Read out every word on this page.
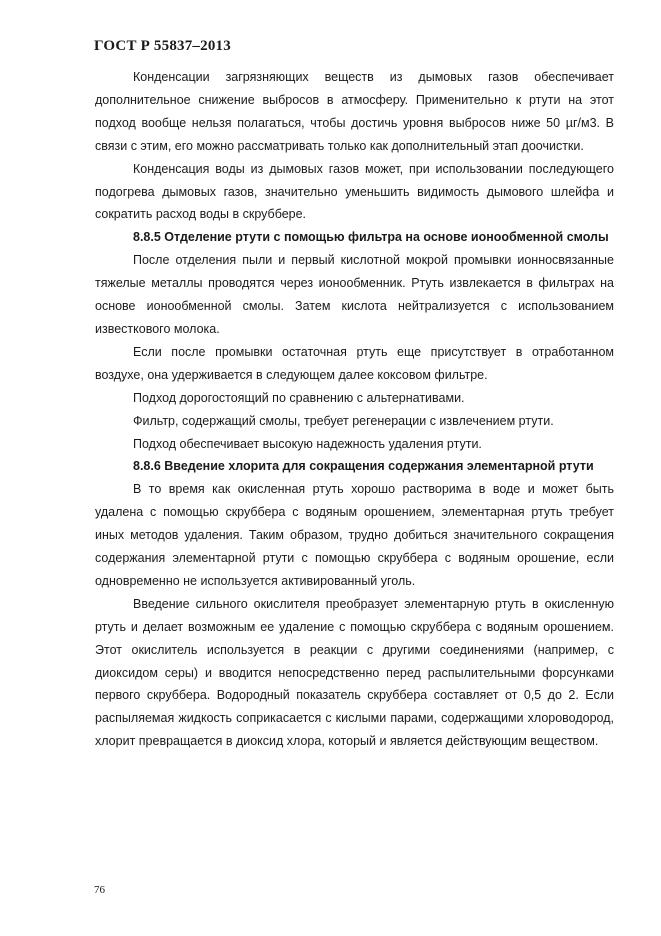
ГОСТ Р 55837–2013

Конденсации загрязняющих веществ из дымовых газов обеспечивает дополнительное снижение выбросов в атмосферу. Применительно к ртути на этот подход вообще нельзя полагаться, чтобы достичь уровня выбросов ниже 50 µг/м3. В связи с этим, его можно рассматривать только как дополнительный этап доочистки.

Конденсация воды из дымовых газов может, при использовании последующего подогрева дымовых газов, значительно уменьшить видимость дымового шлейфа и сократить расход воды в скруббере.

8.8.5 Отделение ртути с помощью фильтра на основе ионообменной смолы

После отделения пыли и первый кислотной мокрой промывки ионносвязанные тяжелые металлы проводятся через ионообменник. Ртуть извлекается в фильтрах на основе ионообменной смолы. Затем кислота нейтрализуется с использованием известкового молока.

Если после промывки остаточная ртуть еще присутствует в отработанном воздухе, она удерживается в следующем далее коксовом фильтре.

Подход дорогостоящий по сравнению с альтернативами.

Фильтр, содержащий смолы, требует регенерации с извлечением ртути.

Подход обеспечивает высокую надежность удаления ртути.

8.8.6 Введение хлорита для сокращения содержания элементарной ртути

В то время как окисленная ртуть хорошо растворима в воде и может быть удалена с помощью скруббера с водяным орошением, элементарная ртуть требует иных методов удаления. Таким образом, трудно добиться значительного сокращения содержания элементарной ртути с помощью скруббера с водяным орошение, если одновременно не используется активированный уголь.

Введение сильного окислителя преобразует элементарную ртуть в окисленную ртуть и делает возможным ее удаление с помощью скруббера с водяным орошением. Этот окислитель используется в реакции с другими соединениями (например, с диоксидом серы) и вводится непосредственно перед распылительными форсунками первого скруббера. Водородный показатель скруббера составляет от 0,5 до 2. Если распыляемая жидкость соприкасается с кислыми парами, содержащими хлороводород, хлорит превращается в диоксид хлора, который и является действующим веществом.

76
